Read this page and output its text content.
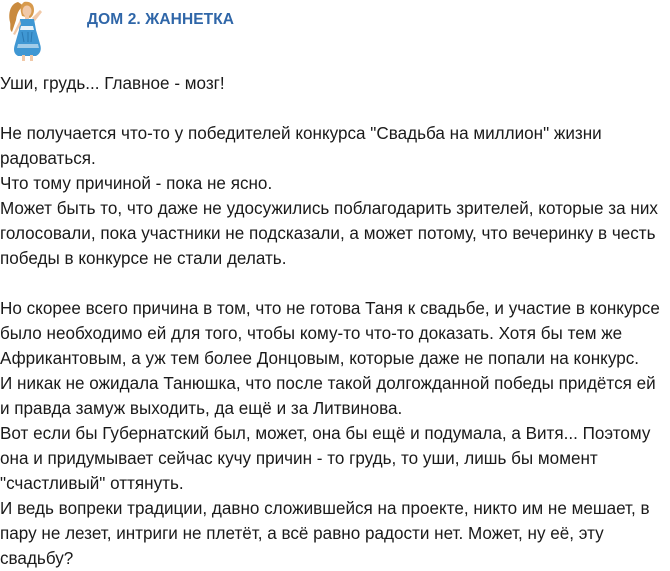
ДОМ 2. ЖАННЕТКА

Уши, грудь... Главное - мозг!

Не получается что-то у победителей конкурса "Свадьба на миллион" жизни радоваться.

Что тому причиной - пока не ясно.

Может быть то, что даже не удосужились поблагодарить зрителей, которые за них голосовали, пока участники не подсказали, а может потому, что вечеринку в честь победы в конкурсе не стали делать.

Но скорее всего причина в том, что не готова Таня к свадьбе, и участие в конкурсе было необходимо ей для того, чтобы кому-то что-то доказать. Хотя бы тем же Африкантовым, а уж тем более Донцовым, которые даже не попали на конкурс.

И никак не ожидала Танюшка, что после такой долгожданной победы придётся ей и правда замуж выходить, да ещё и за Литвинова.

Вот если бы Губернатский был, может, она бы ещё и подумала, а Витя... Поэтому она и придумывает сейчас кучу причин - то грудь, то уши, лишь бы момент "счастливый" оттянуть.

И ведь вопреки традиции, давно сложившейся на проекте, никто им не мешает, в пару не лезет, интриги не плетёт, а всё равно радости нет. Может, ну её, эту свадьбу?
